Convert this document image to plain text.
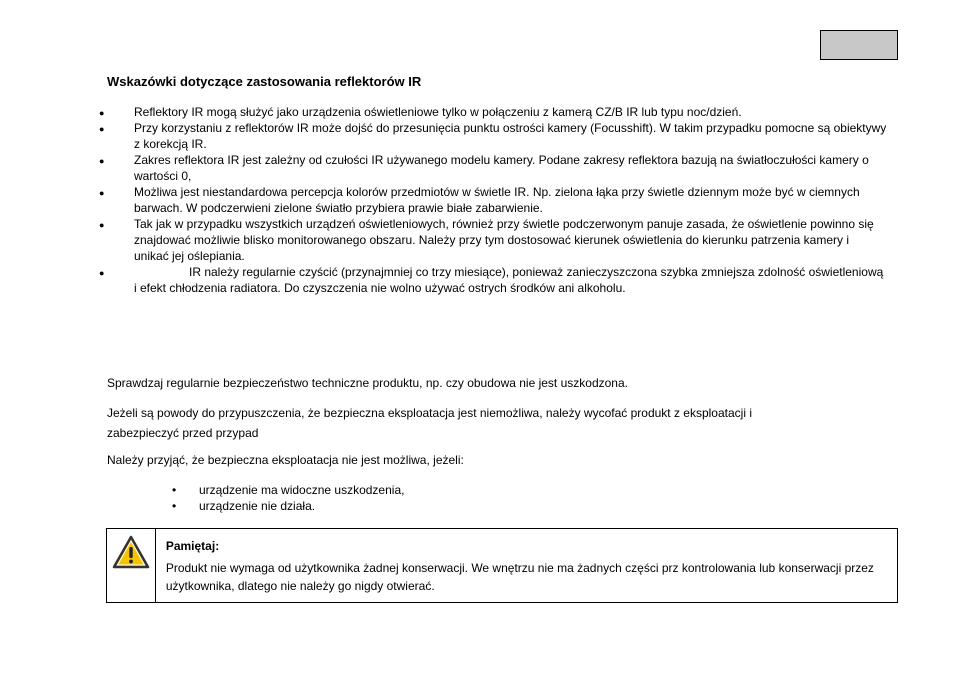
Wskazówki dotyczące zastosowania reflektorów IR
● Reflektory IR mogą służyć jako urządzenia oświetleniowe tylko w połączeniu z kamerą CZ/B IR lub typu noc/dzień.
● Przy korzystaniu z reflektorów IR może dojść do przesunięcia punktu ostrości kamery (Focusshift). W takim przypadku pomocne są obiektywy z korekcją IR.
● Zakres reflektora IR jest zależny od czułości IR używanego modelu kamery. Podane zakresy reflektora bazują na światłoczułości kamery o wartości 0,
● Możliwa jest niestandardowa percepcja kolorów przedmiotów w świetle IR. Np. zielona łąka przy świetle dziennym może być w ciemnych barwach. W podczerwieni zielone światło przybiera prawie białe zabarwienie.
● Tak jak w przypadku wszystkich urządzeń oświetleniowych, również przy świetle podczerwonym panuje zasada, że oświetlenie powinno się znajdować możliwie blisko monitorowanego obszaru. Należy przy tym dostosować kierunek oświetlenia do kierunku patrzenia kamery i unikać jej oślepiania.
● IR należy regularnie czyścić (przynajmniej co trzy miesiące), ponieważ zanieczyszczona szybka zmniejsza zdolność oświetleniową i efekt chłodzenia radiatora. Do czyszczenia nie wolno używać ostrych środków ani alkoholu.
Sprawdzaj regularnie bezpieczeństwo techniczne produktu, np. czy obudowa nie jest uszkodzona.
Jeżeli są powody do przypuszczenia, że bezpieczna eksploatacja jest niemożliwa, należy wycofać produkt z eksploatacji i zabezpieczyć przed przypad
Należy przyjąć, że bezpieczna eksploatacja nie jest możliwa, jeżeli:
• urządzenie ma widoczne uszkodzenia,
• urządzenie nie działa.
Pamiętaj:
Produkt nie wymaga od użytkownika żadnej konserwacji. We wnętrzu nie ma żadnych części prz kontrolowania lub konserwacji przez użytkownika, dlatego nie należy go nigdy otwierać.
